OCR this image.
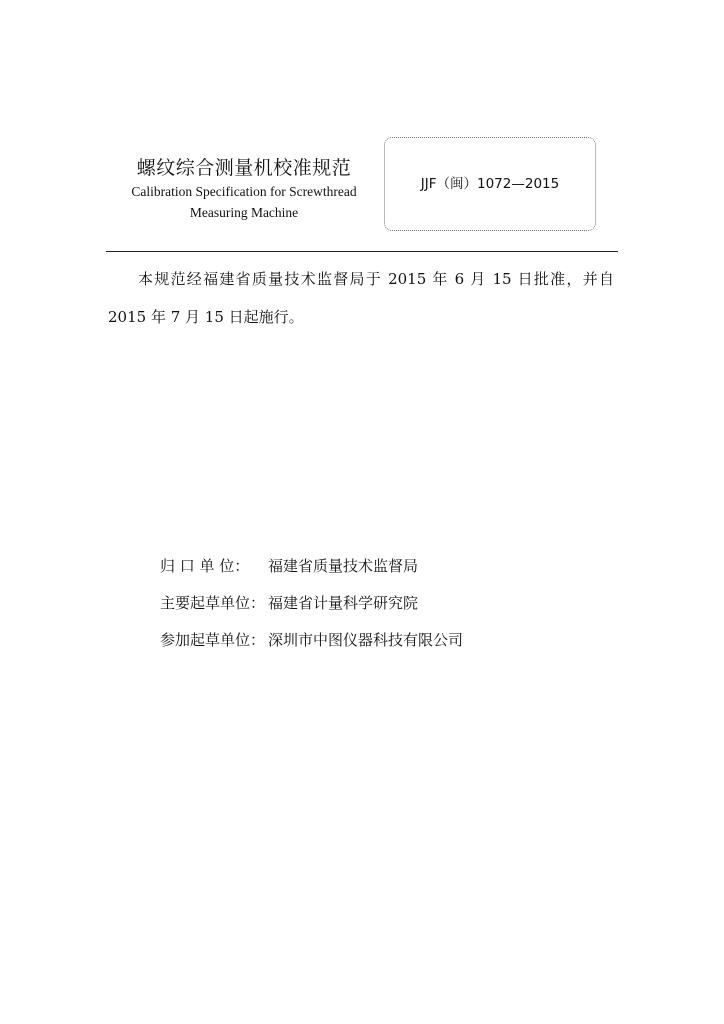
螺纹综合测量机校准规范
Calibration Specification for Screwthread
Measuring Machine
JJF（闽）1072—2015
本规范经福建省质量技术监督局于 2015 年 6 月 15 日批准，并自 2015 年 7 月 15 日起施行。
归 口 单 位： 福建省质量技术监督局
主要起草单位： 福建省计量科学研究院
参加起草单位： 深圳市中图仪器科技有限公司
